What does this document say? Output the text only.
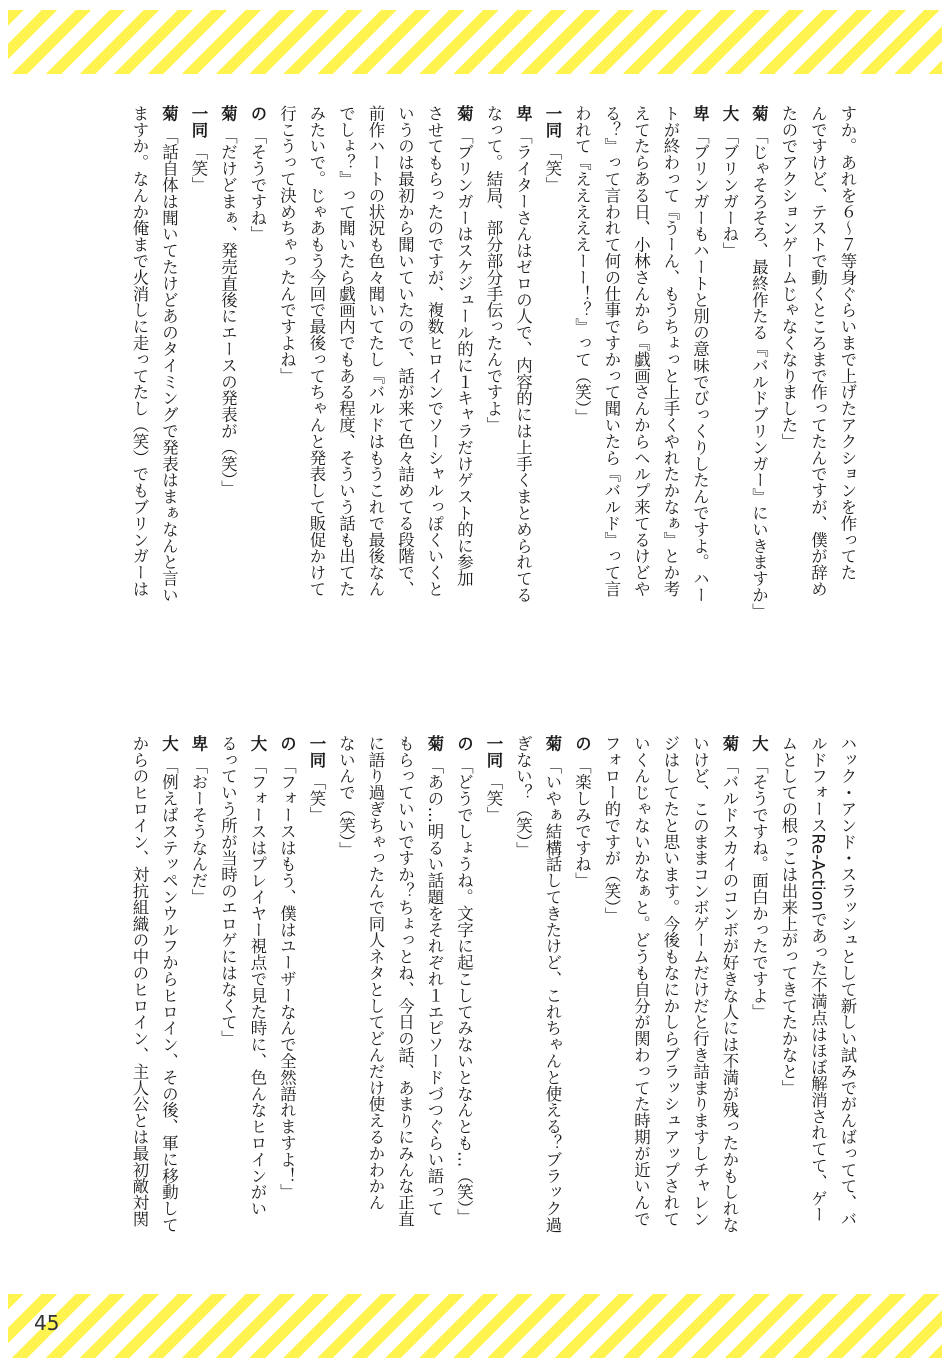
すか。あれを６～７等身ぐらいまで上げたアクションを作ってた
んですけど、テストで動くところまで作ってたんですが、僕が辞め
たのでアクションゲームじゃなくなりました」
菊「じゃそろそろ、最終作たる『バルドブリンガー』にいきますか」
大「ブリンガーね」
卑「ブリンガーもハートと別の意味でびっくりしたんですよ。ハー
トが終わって『うーん、もうちょっと上手くやれたかなぁ』とか考
えてたらある日、小林さんから『戯画さんからヘルプ来てるけどや
る？』って言われて何の仕事ですかって聞いたら『バルド』って言
われて『えええええーー！？』って（笑）」
一同「笑」
卑「ライターさんはゼロの人で、内容的には上手くまとめられてる
なって。結局、部分部分手伝ったんですよ」
菊「ブリンガーはスケジュール的に１キャラだけゲスト的に参加
させてもらったのですが、複数ヒロインでソーシャルっぽくいくと
いうのは最初から聞いていたので、話が来て色々詰めてる段階で、
前作ハートの状況も色々聞いてたし『バルドはもうこれで最後なん
でしょ？』って聞いたら戯画内でもある程度、そういう話も出てた
みたいで。じゃあもう今回で最後ってちゃんと発表して販促かけて
行こうって決めちゃったんですよね」
の「そうですね」
菊「だけどまぁ、発売直後にエースの発表が（笑）」
一同「笑」
菊「話自体は聞いてたけどあのタイミングで発表はまぁなんと言い
ますか。なんか俺まで火消しに走ってたし（笑）でもブリンガーは
ハック・アンド・スラッシュとして新しい試みでがんばってて、バ
ルドフォースRe-Actionであった不満点はほぼ解消されてて、ゲー
ムとしての根っこは出来上がってきてたかなと」
大「そうですね。面白かったですよ」
菊「バルドスカイのコンボが好きな人には不満が残ったかもしれな
いけど、このままコンボゲームだけだと行き詰まりますしチャレン
ジはしてたと思います。今後もなにかしらブラッシュアップされて
いくんじゃないかなぁと。どうも自分が関わってた時期が近いんで
フォロー的ですが（笑）」
の「楽しみですね」
菊「いやぁ結構話してきたけど、これちゃんと使える？ブラック過
ぎない？（笑）」
一同「笑」
の「どうでしょうね。文字に起こしてみないとなんとも…（笑）」
菊「あの…明るい話題をそれぞれ１エピソードづつぐらい語って
もらっていいですか？ちょっとね、今日の話、あまりにみんな正直
に語り過ぎちゃったんで同人ネタとしてどんだけ使えるかわかん
ないんで（笑）」
一同「笑」
の「フォースはもう、僕はユーザーなんで全然語れますよ！」
大「フォースはプレイヤー視点で見た時に、色んなヒロインがい
るっていう所が当時のエロゲにはなくて」
卑「おーそうなんだ」
大「例えばステッペンウルフからヒロイン、その後、軍に移動して
からのヒロイン、対抗組織の中のヒロイン、主人公とは最初敵対関

45
